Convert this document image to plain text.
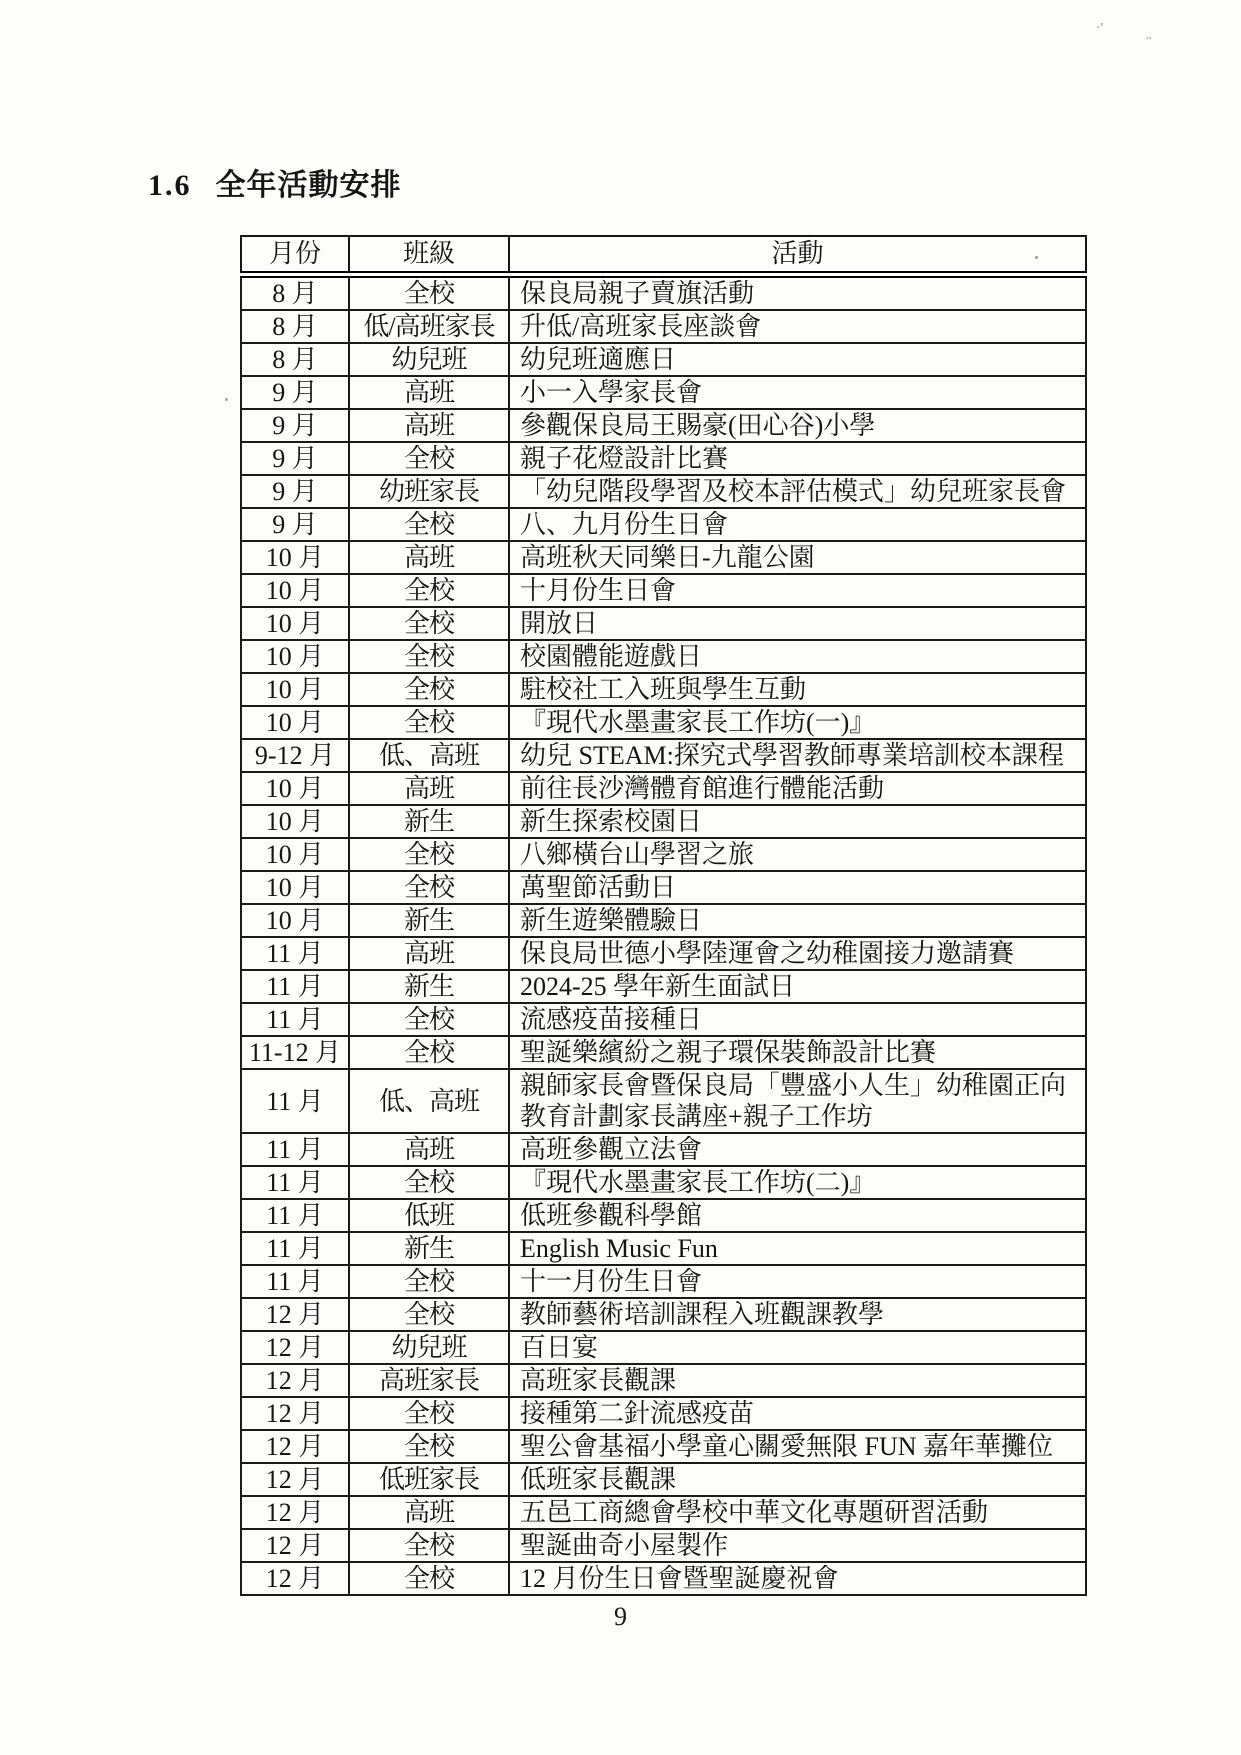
1.6 全年活動安排
月份	班級	活動
8 月	全校	保良局親子賣旗活動
8 月	低/高班家長	升低/高班家長座談會
8 月	幼兒班	幼兒班適應日
9 月	高班	小一入學家長會
9 月	高班	參觀保良局王賜豪(田心谷)小學
9 月	全校	親子花燈設計比賽
9 月	幼班家長	「幼兒階段學習及校本評估模式」幼兒班家長會
9 月	全校	八、九月份生日會
10 月	高班	高班秋天同樂日-九龍公園
10 月	全校	十月份生日會
10 月	全校	開放日
10 月	全校	校園體能遊戲日
10 月	全校	駐校社工入班與學生互動
10 月	全校	『現代水墨畫家長工作坊(一)』
9-12 月	低、高班	幼兒 STEAM:探究式學習教師專業培訓校本課程
10 月	高班	前往長沙灣體育館進行體能活動
10 月	新生	新生探索校園日
10 月	全校	八鄉橫台山學習之旅
10 月	全校	萬聖節活動日
10 月	新生	新生遊樂體驗日
11 月	高班	保良局世德小學陸運會之幼稚園接力邀請賽
11 月	新生	2024-25 學年新生面試日
11 月	全校	流感疫苗接種日
11-12 月	全校	聖誕樂繽紛之親子環保裝飾設計比賽
11 月	低、高班	親師家長會暨保良局「豐盛小人生」幼稚園正向教育計劃家長講座+親子工作坊
11 月	高班	高班參觀立法會
11 月	全校	『現代水墨畫家長工作坊(二)』
11 月	低班	低班參觀科學館
11 月	新生	English Music Fun
11 月	全校	十一月份生日會
12 月	全校	教師藝術培訓課程入班觀課教學
12 月	幼兒班	百日宴
12 月	高班家長	高班家長觀課
12 月	全校	接種第二針流感疫苗
12 月	全校	聖公會基福小學童心關愛無限 FUN 嘉年華攤位
12 月	低班家長	低班家長觀課
12 月	高班	五邑工商總會學校中華文化專題研習活動
12 月	全校	聖誕曲奇小屋製作
12 月	全校	12 月份生日會暨聖誕慶祝會
9
·'	,,
